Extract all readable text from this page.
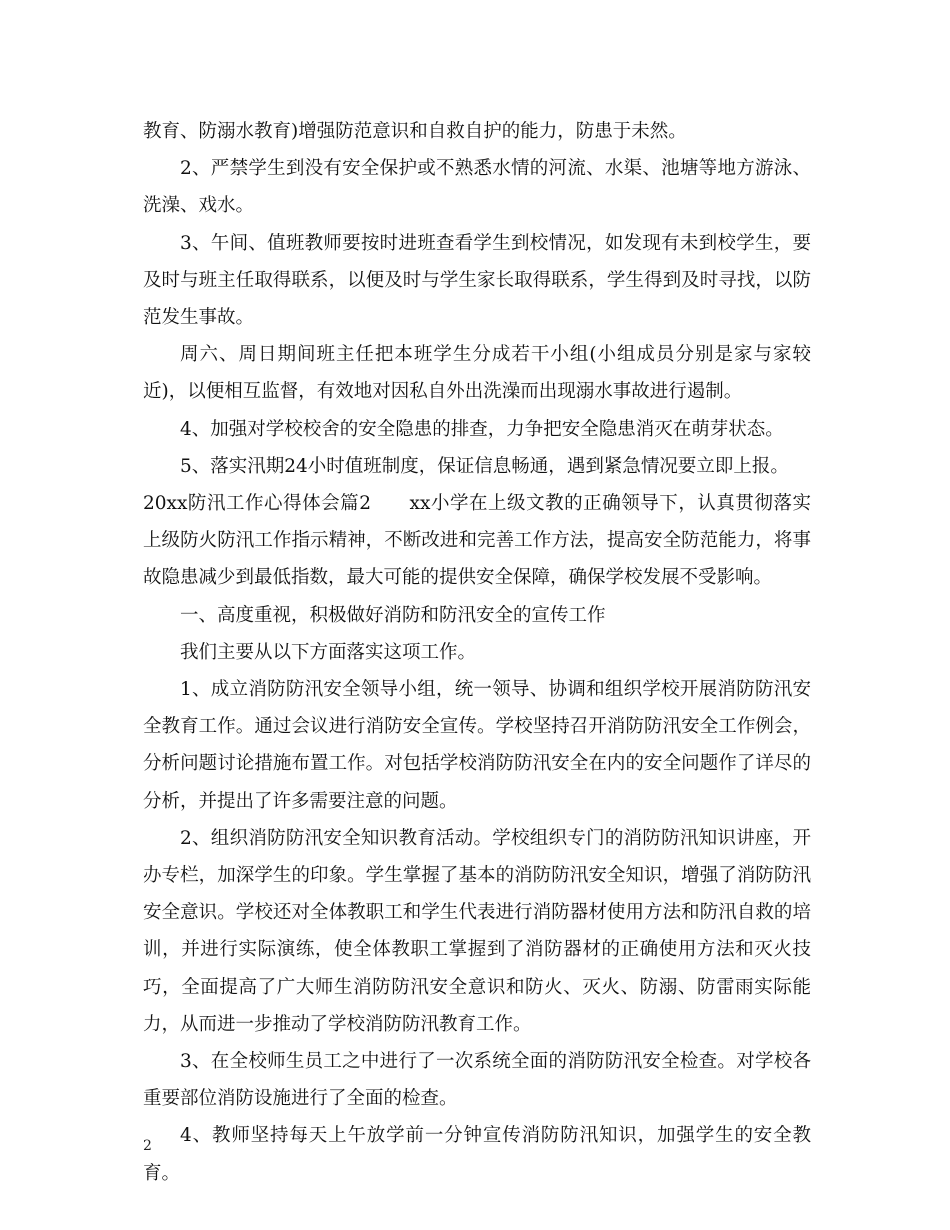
教育、防溺水教育)增强防范意识和自救自护的能力，防患于未然。

2、严禁学生到没有安全保护或不熟悉水情的河流、水渠、池塘等地方游泳、洗澡、戏水。

3、午间、值班教师要按时进班查看学生到校情况，如发现有未到校学生，要及时与班主任取得联系，以便及时与学生家长取得联系，学生得到及时寻找，以防范发生事故。

周六、周日期间班主任把本班学生分成若干小组(小组成员分别是家与家较近)，以便相互监督，有效地对因私自外出洗澡而出现溺水事故进行遏制。

4、加强对学校校舍的安全隐患的排查，力争把安全隐患消灭在萌芽状态。

5、落实汛期24小时值班制度，保证信息畅通，遇到紧急情况要立即上报。

20xx防汛工作心得体会篇2　　xx小学在上级文教的正确领导下，认真贯彻落实上级防火防汛工作指示精神，不断改进和完善工作方法，提高安全防范能力，将事故隐患减少到最低指数，最大可能的提供安全保障，确保学校发展不受影响。

一、高度重视，积极做好消防和防汛安全的宣传工作

我们主要从以下方面落实这项工作。

1、成立消防防汛安全领导小组，统一领导、协调和组织学校开展消防防汛安全教育工作。通过会议进行消防安全宣传。学校坚持召开消防防汛安全工作例会，分析问题讨论措施布置工作。对包括学校消防防汛安全在内的安全问题作了详尽的分析，并提出了许多需要注意的问题。

2、组织消防防汛安全知识教育活动。学校组织专门的消防防汛知识讲座，开办专栏，加深学生的印象。学生掌握了基本的消防防汛安全知识，增强了消防防汛安全意识。学校还对全体教职工和学生代表进行消防器材使用方法和防汛自救的培训，并进行实际演练，使全体教职工掌握到了消防器材的正确使用方法和灭火技巧，全面提高了广大师生消防防汛安全意识和防火、灭火、防溺、防雷雨实际能力，从而进一步推动了学校消防防汛教育工作。

3、在全校师生员工之中进行了一次系统全面的消防防汛安全检查。对学校各重要部位消防设施进行了全面的检查。

4、教师坚持每天上午放学前一分钟宣传消防防汛知识，加强学生的安全教育。

2
